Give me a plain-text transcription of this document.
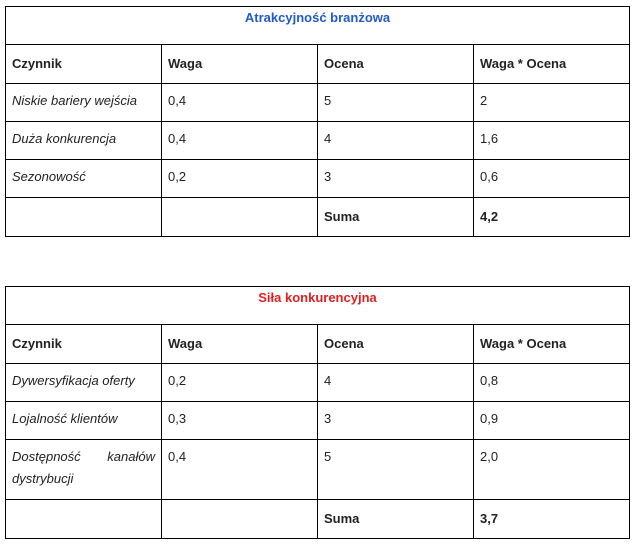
Atrakcyjność branżowa			
Czynnik	Waga	Ocena	Waga * Ocena
Niskie bariery wejścia	0,4	5	2
Duża konkurencja	0,4	4	1,6
Sezonowość	0,2	3	0,6
		Suma	4,2
Siła konkurencyjna			
Czynnik	Waga	Ocena	Waga * Ocena
Dywersyfikacja oferty	0,2	4	0,8
Lojalność klientów	0,3	3	0,9
Dostępność kanałów dystrybucji	0,4	5	2,0
		Suma	3,7
